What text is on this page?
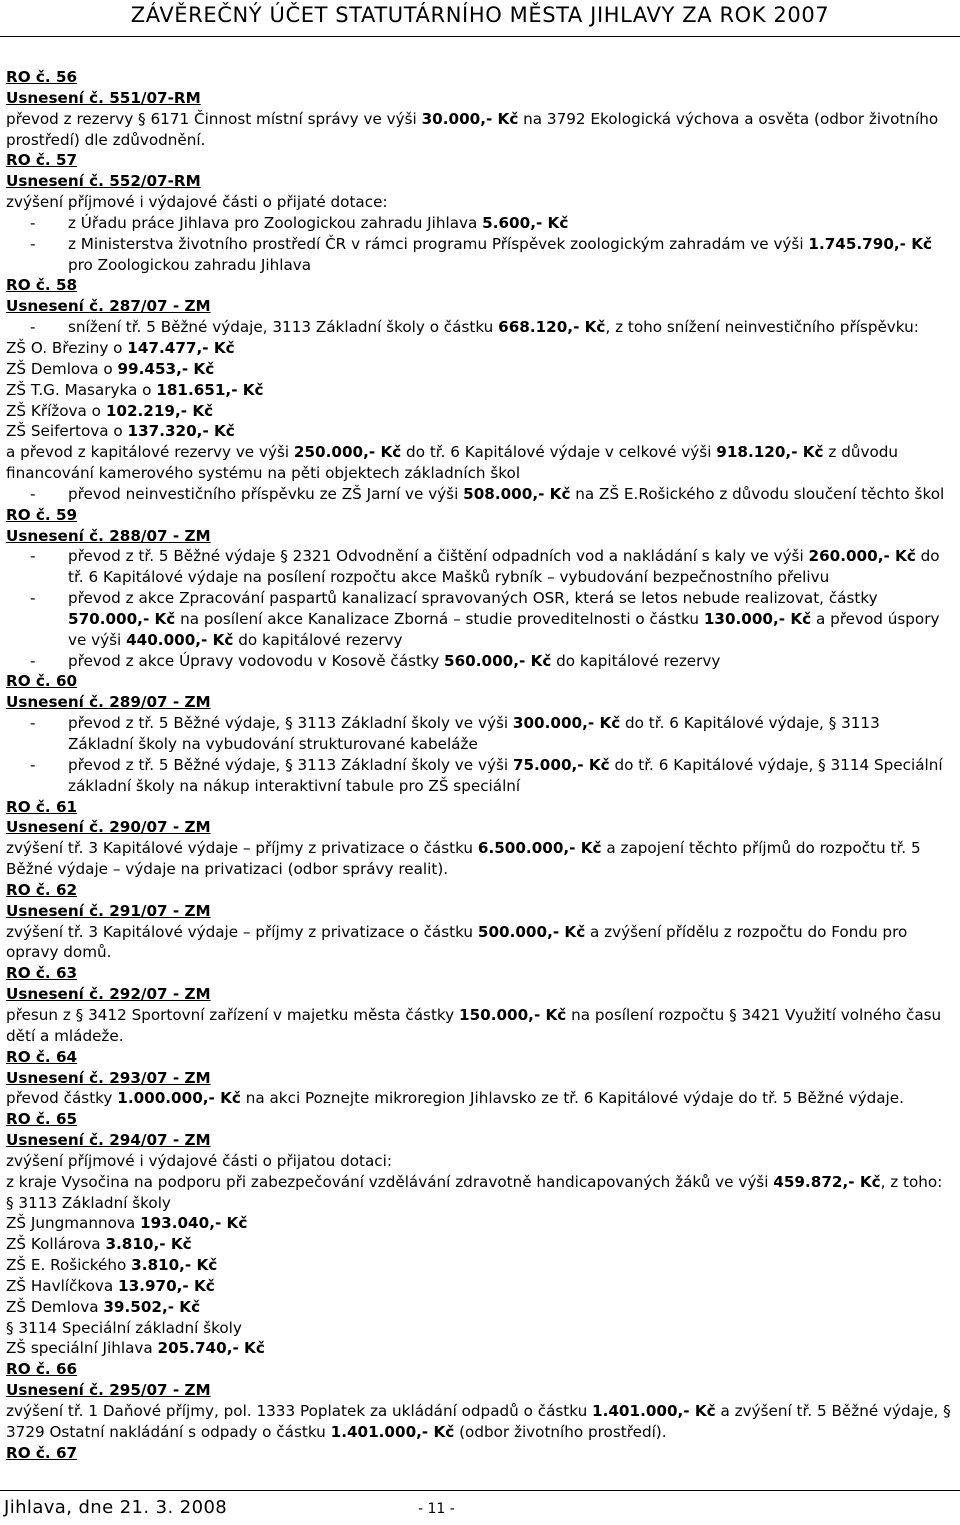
ZÁVĚREČNÝ ÚČET STATUTÁRNÍHO MĚSTA JIHLAVY ZA ROK 2007
RO č. 56
Usnesení č. 551/07-RM
převod z rezervy § 6171 Činnost místní správy ve výši 30.000,- Kč na 3792 Ekologická výchova a osvěta (odbor životního
prostředí) dle zdůvodnění.
RO č. 57
Usnesení č. 552/07-RM
zvýšení příjmové i výdajové části o přijaté dotace:
- z Úřadu práce Jihlava pro Zoologickou zahradu Jihlava 5.600,- Kč
- z Ministerstva životního prostředí ČR v rámci programu Příspěvek zoologickým zahradám ve výši 1.745.790,- Kč
pro Zoologickou zahradu Jihlava
RO č. 58
Usnesení č. 287/07 - ZM
- snížení tř. 5 Běžné výdaje, 3113 Základní školy o částku 668.120,- Kč, z toho snížení neinvestičního příspěvku:
ZŠ O. Březiny o 147.477,- Kč
ZŠ Demlova o 99.453,- Kč
ZŠ T.G. Masaryka o 181.651,- Kč
ZŠ Křížova o 102.219,- Kč
ZŠ Seifertova o 137.320,- Kč
a převod z kapitálové rezervy ve výši 250.000,- Kč do tř. 6 Kapitálové výdaje v celkové výši 918.120,- Kč z důvodu
financování kamerového systému na pěti objektech základních škol
- převod neinvestičního příspěvku ze ZŠ Jarní ve výši 508.000,- Kč na ZŠ E.Rošického z důvodu sloučení těchto škol
RO č. 59
Usnesení č. 288/07 - ZM
- převod z tř. 5 Běžné výdaje § 2321 Odvodnění a čištění odpadních vod a nakládání s kaly ve výši 260.000,- Kč do
tř. 6 Kapitálové výdaje na posílení rozpočtu akce Mašků rybník – vybudování bezpečnostního přelivu
- převod z akce Zpracování paspartů kanalizací spravovaných OSR, která se letos nebude realizovat, částky
570.000,- Kč na posílení akce Kanalizace Zborná – studie proveditelnosti o částku 130.000,- Kč a převod úspory
ve výši 440.000,- Kč do kapitálové rezervy
- převod z akce Úpravy vodovodu v Kosově částky 560.000,- Kč do kapitálové rezervy
RO č. 60
Usnesení č. 289/07 - ZM
- převod z tř. 5 Běžné výdaje, § 3113 Základní školy ve výši 300.000,- Kč do tř. 6 Kapitálové výdaje, § 3113
Základní školy na vybudování strukturované kabeláže
- převod z tř. 5 Běžné výdaje, § 3113 Základní školy ve výši 75.000,- Kč do tř. 6 Kapitálové výdaje, § 3114 Speciální
základní školy na nákup interaktivní tabule pro ZŠ speciální
RO č. 61
Usnesení č. 290/07 - ZM
zvýšení tř. 3 Kapitálové výdaje – příjmy z privatizace o částku 6.500.000,- Kč a zapojení těchto příjmů do rozpočtu tř. 5
Běžné výdaje – výdaje na privatizaci (odbor správy realit).
RO č. 62
Usnesení č. 291/07 - ZM
zvýšení tř. 3 Kapitálové výdaje – příjmy z privatizace o částku 500.000,- Kč a zvýšení přídělu z rozpočtu do Fondu pro
opravy domů.
RO č. 63
Usnesení č. 292/07 - ZM
přesun z § 3412 Sportovní zařízení v majetku města částky 150.000,- Kč na posílení rozpočtu § 3421 Využití volného času
dětí a mládeže.
RO č. 64
Usnesení č. 293/07 - ZM
převod částky 1.000.000,- Kč na akci Poznejte mikroregion Jihlavsko ze tř. 6 Kapitálové výdaje do tř. 5 Běžné výdaje.
RO č. 65
Usnesení č. 294/07 - ZM
zvýšení příjmové i výdajové části o přijatou dotaci:
z kraje Vysočina na podporu při zabezpečování vzdělávání zdravotně handicapovaných žáků ve výši 459.872,- Kč, z toho:
§ 3113 Základní školy
ZŠ Jungmannova 193.040,- Kč
ZŠ Kollárova 3.810,- Kč
ZŠ E. Rošického 3.810,- Kč
ZŠ Havlíčkova 13.970,- Kč
ZŠ Demlova 39.502,- Kč
§ 3114 Speciální základní školy
ZŠ speciální Jihlava 205.740,- Kč
RO č. 66
Usnesení č. 295/07 - ZM
zvýšení tř. 1 Daňové příjmy, pol. 1333 Poplatek za ukládání odpadů o částku 1.401.000,- Kč a zvýšení tř. 5 Běžné výdaje, §
3729 Ostatní nakládání s odpady o částku 1.401.000,- Kč (odbor životního prostředí).
RO č. 67
Jihlava, dne 21. 3. 2008	- 11 -
